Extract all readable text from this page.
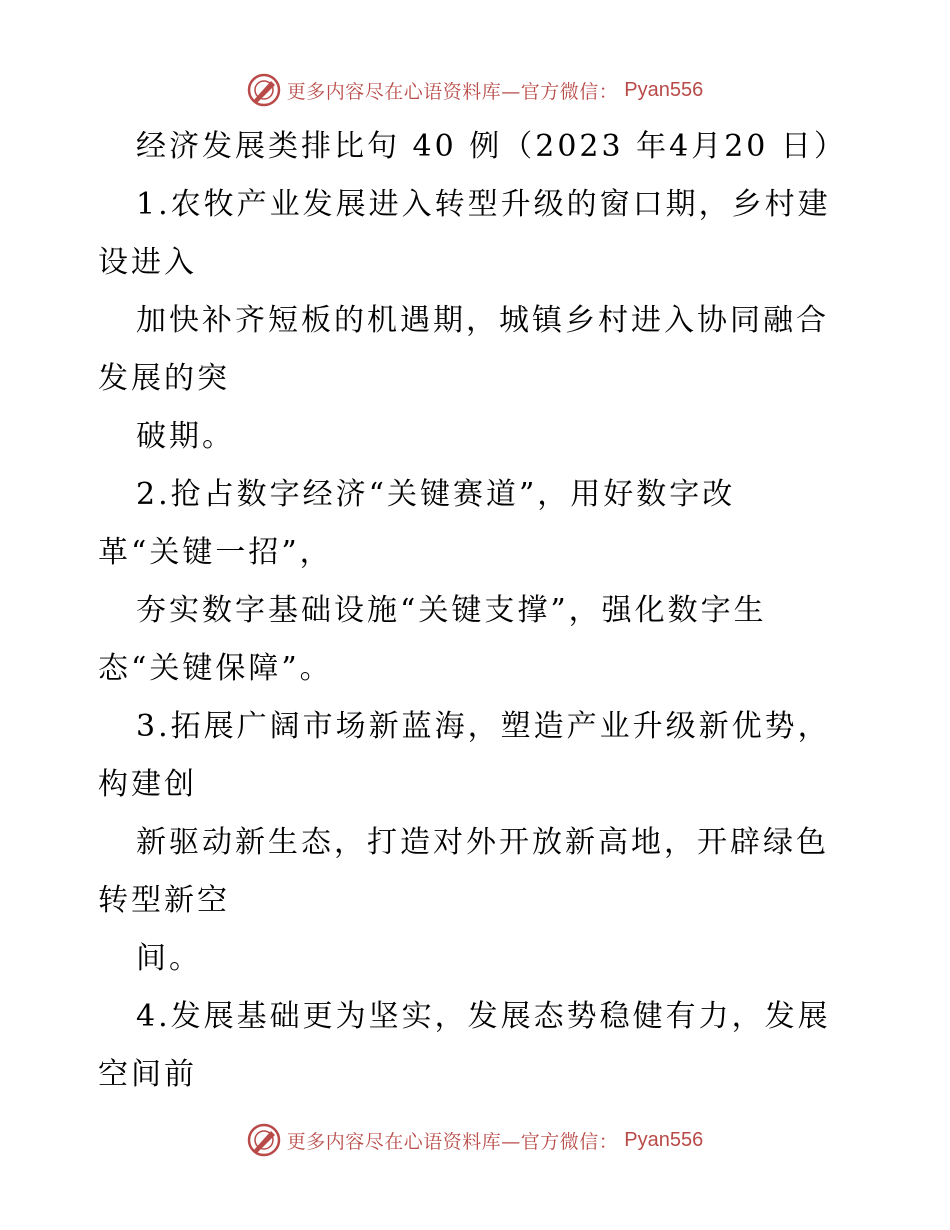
更多内容尽在心语资料库—官方微信： Pyan556
经济发展类排比句 40 例（2023 年4月20 日）
1.农牧产业发展进入转型升级的窗口期，乡村建
设进入
加快补齐短板的机遇期，城镇乡村进入协同融合
发展的突
破期。
2.抢占数字经济“关键赛道”，用好数字改
革“关键一招”，
夯实数字基础设施“关键支撑”，强化数字生
态“关键保障”。
3.拓展广阔市场新蓝海，塑造产业升级新优势，
构建创
新驱动新生态，打造对外开放新高地，开辟绿色
转型新空
间。
4.发展基础更为坚实，发展态势稳健有力，发展
空间前
更多内容尽在心语资料库—官方微信： Pyan556
